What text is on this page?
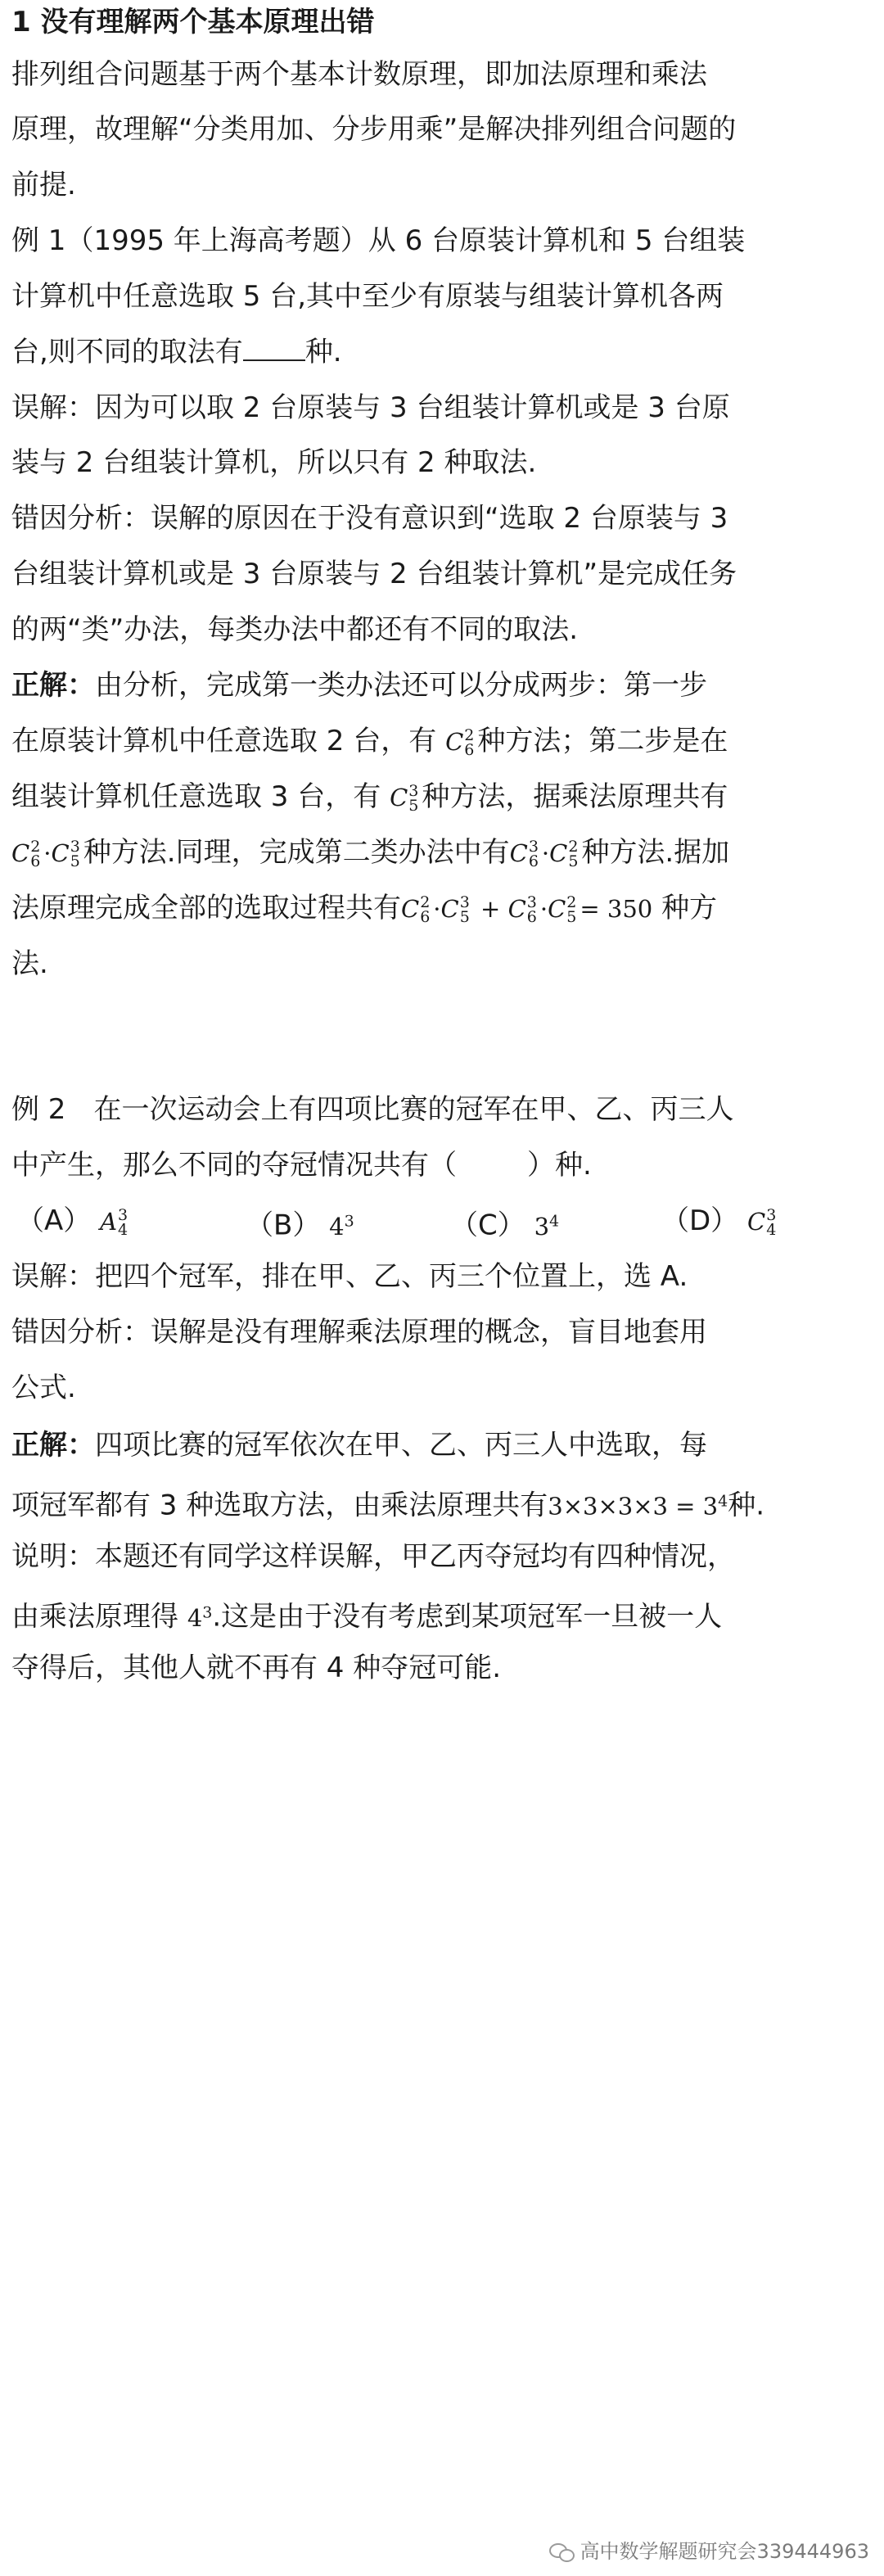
1 没有理解两个基本原理出错
排列组合问题基于两个基本计数原理，即加法原理和乘法
原理，故理解“分类用加、分步用乘”是解决排列组合问题的
前提.
例 1（1995 年上海高考题）从 6 台原装计算机和 5 台组装
计算机中任意选取 5 台,其中至少有原装与组装计算机各两
台,则不同的取法有 种.
误解：因为可以取 2 台原装与 3 台组装计算机或是 3 台原
装与 2 台组装计算机，所以只有 2 种取法.
错因分析：误解的原因在于没有意识到“选取 2 台原装与 3
台组装计算机或是 3 台原装与 2 台组装计算机”是完成任务
的两“类”办法，每类办法中都还有不同的取法.
正解：由分析，完成第一类办法还可以分成两步：第一步
在原装计算机中任意选取 2 台，有 C 2
6 种方法；第二步是在
组装计算机任意选取 3 台，有 C 3
5 种方法，据乘法原理共有
C 2
6 ·C 3
5 种方法.同理，完成第二类办法中有C 3
6 ·C 2
5 种方法.据加
法原理完成全部的选取过程共有C 2
6 ·C 3
5 + C 3
6 ·C 2
5 = 350 种方
法.
例 2　在一次运动会上有四项比赛的冠军在甲、乙、丙三人
中产生，那么不同的夺冠情况共有（	）种.
（A） A 3
4	（B） $4^3$	（C） $3^4$	（D） C 3
4
误解：把四个冠军，排在甲、乙、丙三个位置上，选 A.
错因分析：误解是没有理解乘法原理的概念，盲目地套用
公式.
正解：四项比赛的冠军依次在甲、乙、丙三人中选取，每
项冠军都有 3 种选取方法，由乘法原理共有$3\times 3\times 3\times 3 = 3^4$种.
说明：本题还有同学这样误解，甲乙丙夺冠均有四种情况，
由乘法原理得 $4^3$.这是由于没有考虑到某项冠军一旦被一人
夺得后，其他人就不再有 4 种夺冠可能.
高中数学解题研究会339444963
